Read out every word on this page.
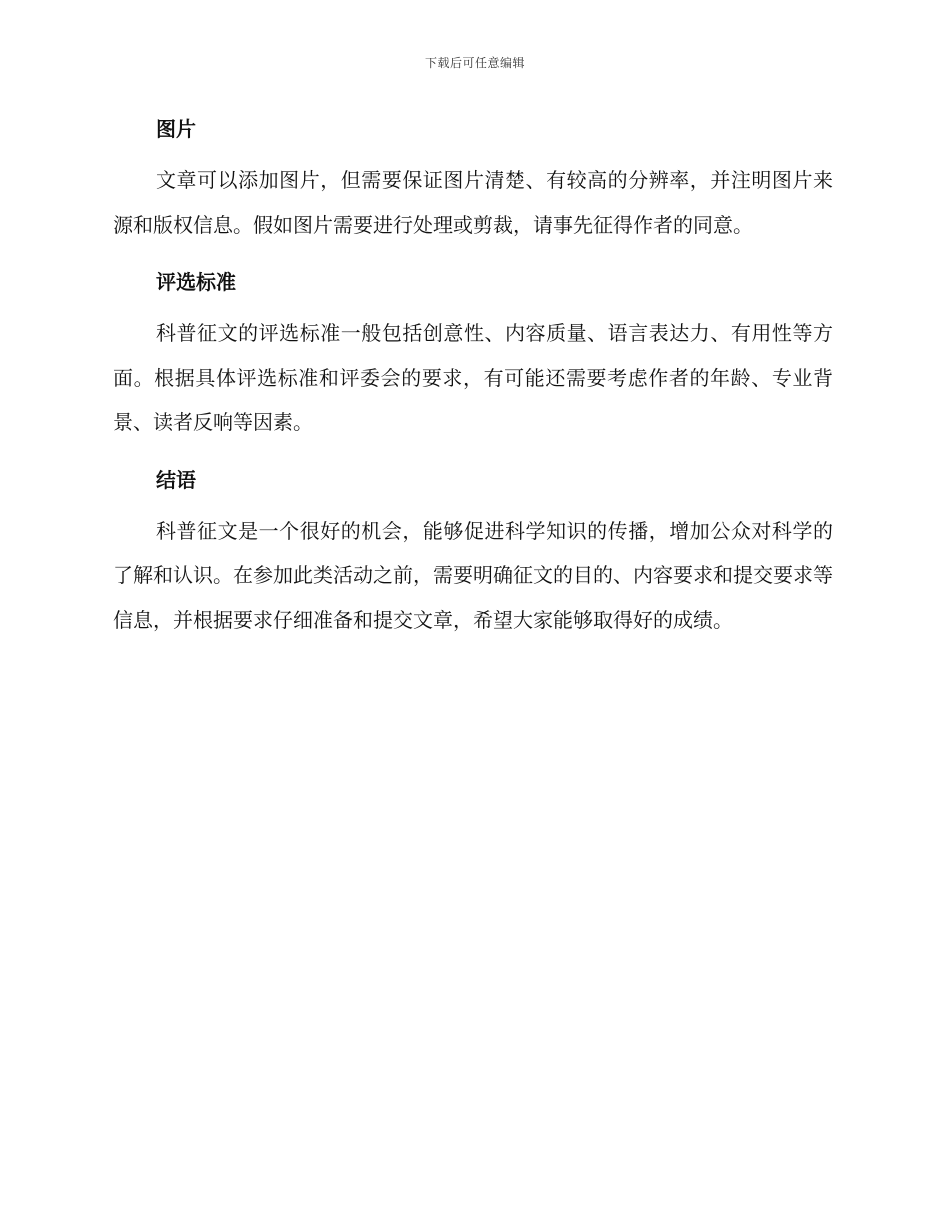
下载后可任意编辑
图片

文章可以添加图片，但需要保证图片清楚、有较高的分辨率，并注明图片来源和版权信息。假如图片需要进行处理或剪裁，请事先征得作者的同意。

评选标准

科普征文的评选标准一般包括创意性、内容质量、语言表达力、有用性等方面。根据具体评选标准和评委会的要求，有可能还需要考虑作者的年龄、专业背景、读者反响等因素。

结语

科普征文是一个很好的机会，能够促进科学知识的传播，增加公众对科学的了解和认识。在参加此类活动之前，需要明确征文的目的、内容要求和提交要求等信息，并根据要求仔细准备和提交文章，希望大家能够取得好的成绩。
